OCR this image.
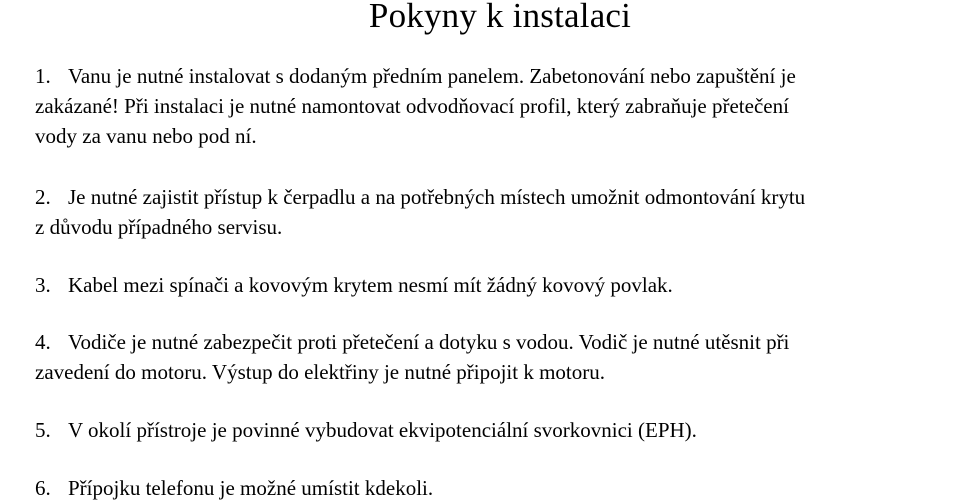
Pokyny k instalaci
1. Vanu je nutné instalovat s dodaným předním panelem. Zabetonování nebo zapuštění je
zakázané! Při instalaci je nutné namontovat odvodňovací profil, který zabraňuje přetečení
vody za vanu nebo pod ní.
2. Je nutné zajistit přístup k čerpadlu a na potřebných místech umožnit odmontování krytu
z důvodu případného servisu.
3. Kabel mezi spínači a kovovým krytem nesmí mít žádný kovový povlak.
4. Vodiče je nutné zabezpečit proti přetečení a dotyku s vodou. Vodič je nutné utěsnit při
zavedení do motoru. Výstup do elektřiny je nutné připojit k motoru.
5. V okolí přístroje je povinné vybudovat ekvipotenciální svorkovnici (EPH).
6. Přípojku telefonu je možné umístit kdekoli.
